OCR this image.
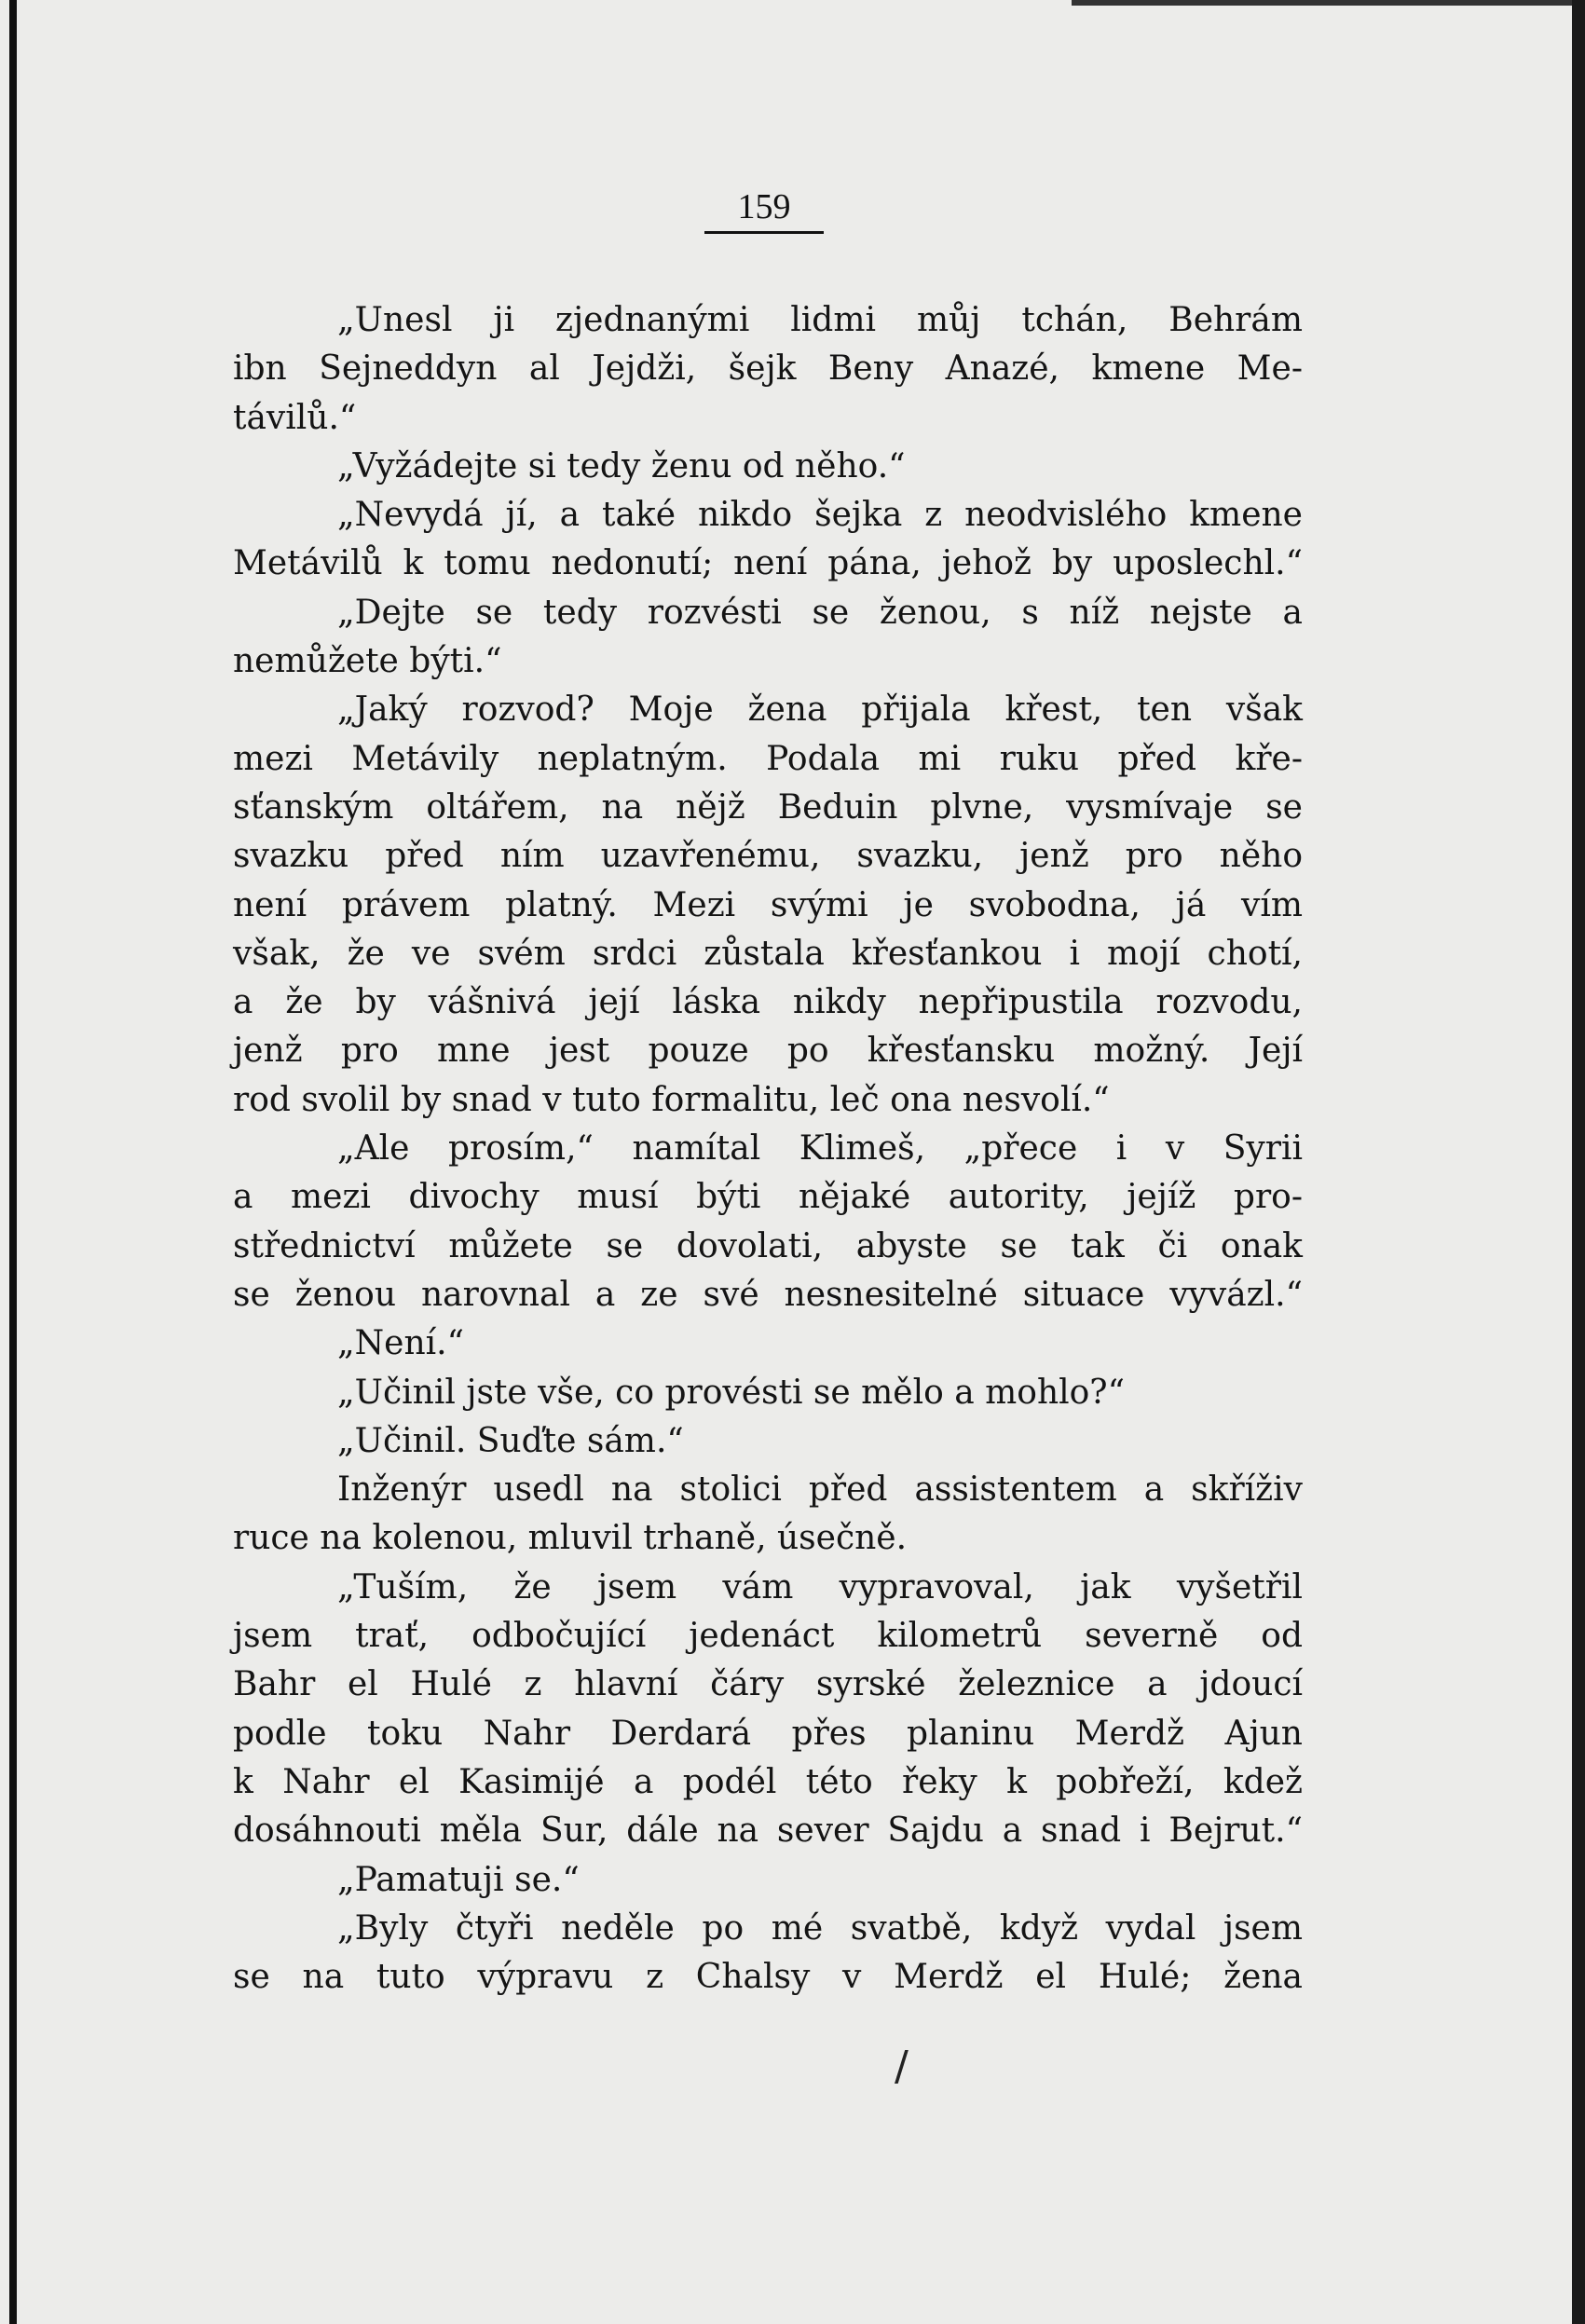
159
„Unesl ji zjednanými lidmi můj tchán, Behrám
ibn Sejneddyn al Jejdži, šejk Beny Anazé, kmene Me-
távilů.“
„Vyžádejte si tedy ženu od něho.“
„Nevydá jí, a také nikdo šejka z neodvislého kmene
Metávilů k tomu nedonutí; není pána, jehož by uposlechl.“
„Dejte se tedy rozvésti se ženou, s níž nejste a
nemůžete býti.“
„Jaký rozvod? Moje žena přijala křest, ten však
mezi Metávily neplatným. Podala mi ruku před kře-
sťanským oltářem, na nějž Beduin plvne, vysmívaje se
svazku před ním uzavřenému, svazku, jenž pro něho
není právem platný. Mezi svými je svobodna, já vím
však, že ve svém srdci zůstala křesťankou i mojí chotí,
a že by vášnivá její láska nikdy nepřipustila rozvodu,
jenž pro mne jest pouze po křesťansku možný. Její
rod svolil by snad v tuto formalitu, leč ona nesvolí.“
„Ale prosím,“ namítal Klimeš, „přece i v Syrii
a mezi divochy musí býti nějaké autority, jejíž pro-
střednictví můžete se dovolati, abyste se tak či onak
se ženou narovnal a ze své nesnesitelné situace vyvázl.“
„Není.“
„Učinil jste vše, co provésti se mělo a mohlo?“
„Učinil. Suďte sám.“
Inženýr usedl na stolici před assistentem a skříživ
ruce na kolenou, mluvil trhaně, úsečně.
„Tuším, že jsem vám vypravoval, jak vyšetřil
jsem trať, odbočující jedenáct kilometrů severně od
Bahr el Hulé z hlavní čáry syrské železnice a jdoucí
podle toku Nahr Derdará přes planinu Merdž Ajun
k Nahr el Kasimijé a podél této řeky k pobřeží, kdež
dosáhnouti měla Sur, dále na sever Sajdu a snad i Bejrut.“
„Pamatuji se.“
„Byly čtyři neděle po mé svatbě, když vydal jsem
se na tuto výpravu z Chalsy v Merdž el Hulé; žena
/
